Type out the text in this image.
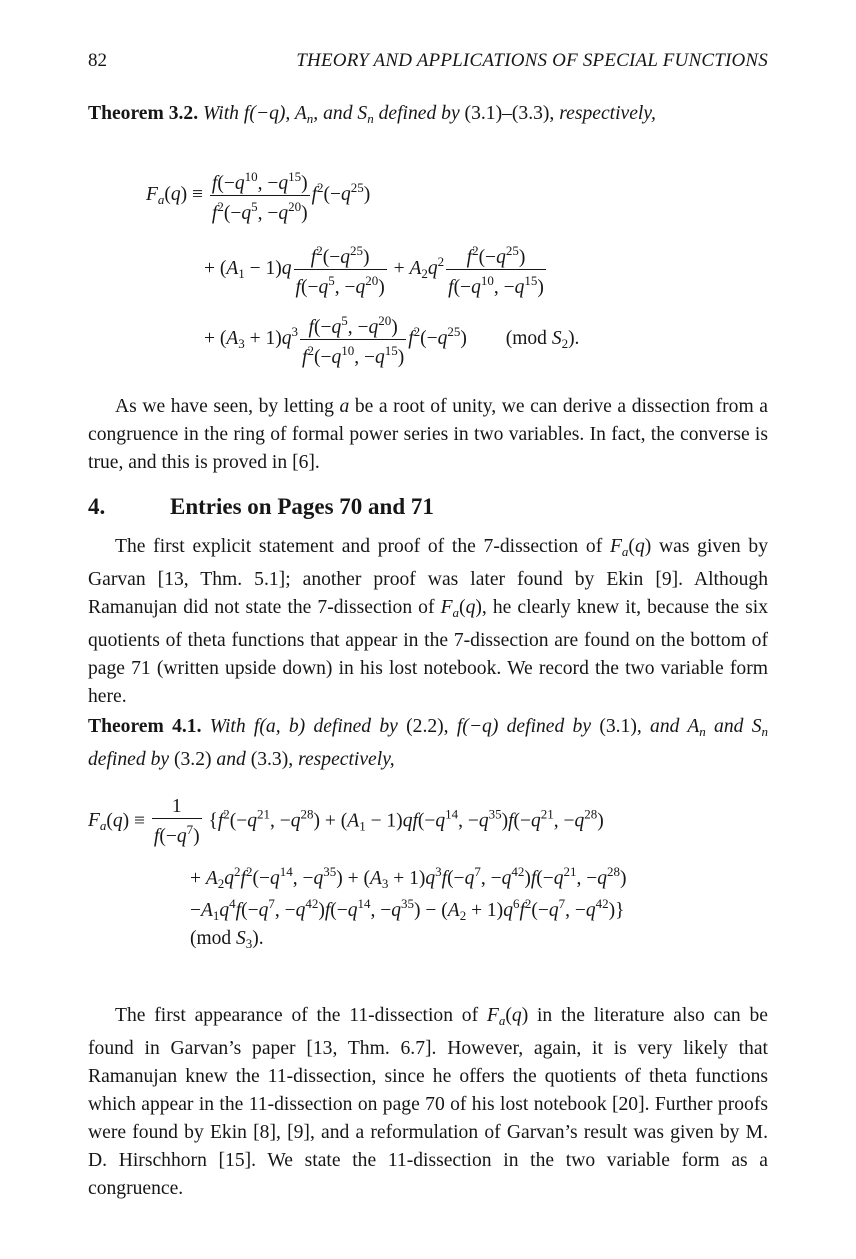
82	THEORY AND APPLICATIONS OF SPECIAL FUNCTIONS
Theorem 3.2. With f(−q), $A_n$, and $S_n$ defined by (3.1)–(3.3), respectively,
$F_a(q) \equiv \frac{f(-q^{10}, -q^{15})}{f^2(-q^5, -q^{20})} f^2(-q^{25})$
+ $(A_1 - 1)q \frac{f^2(-q^{25})}{f(-q^5, -q^{20})} + A_2q^2 \frac{f^2(-q^{25})}{f(-q^{10}, -q^{15})}$
+ $(A_3 + 1)q^3 \frac{f(-q^5, -q^{20})}{f^2(-q^{10}, -q^{15})} f^2(-q^{25})$ (mod $S_2$).
As we have seen, by letting a be a root of unity, we can derive a dissection from a congruence in the ring of formal power series in two variables. In fact, the converse is true, and this is proved in [6].
4.	Entries on Pages 70 and 71
The first explicit statement and proof of the 7-dissection of $F_a(q)$ was given by Garvan [13, Thm. 5.1]; another proof was later found by Ekin [9]. Although Ramanujan did not state the 7-dissection of $F_a(q)$, he clearly knew it, because the six quotients of theta functions that appear in the 7-dissection are found on the bottom of page 71 (written upside down) in his lost notebook. We record the two variable form here.
Theorem 4.1. With f(a, b) defined by (2.2), f(−q) defined by (3.1), and $A_n$ and $S_n$ defined by (3.2) and (3.3), respectively,
$F_a(q) \equiv \frac{1}{f(-q^7)} \{f^2(-q^{21}$, $-q^{28}) + (A_1 - 1)qf(-q^{14}$, $-q^{35})f(-q^{21}$, $-q^{28}$)
+ $A_2q^2f^2(-q^{14}$, $-q^{35}) + (A_3 + 1)q^3f(-q^7$, $-q^{42})f(-q^{21}$, $-q^{28}$)
$-A_1q^4f(-q^7$, $-q^{42})f(-q^{14}$, $-q^{35}) - (A_2 + 1)q^6f^2(-q^7$, $-q^{42}$)}
(mod $S_3$).
The first appearance of the 11-dissection of $F_a(q)$ in the literature also can be found in Garvan’s paper [13, Thm. 6.7]. However, again, it is very likely that Ramanujan knew the 11-dissection, since he offers the quotients of theta functions which appear in the 11-dissection on page 70 of his lost notebook [20]. Further proofs were found by Ekin [8], [9], and a reformulation of Garvan’s result was given by M. D. Hirschhorn [15]. We state the 11-dissection in the two variable form as a congruence.
